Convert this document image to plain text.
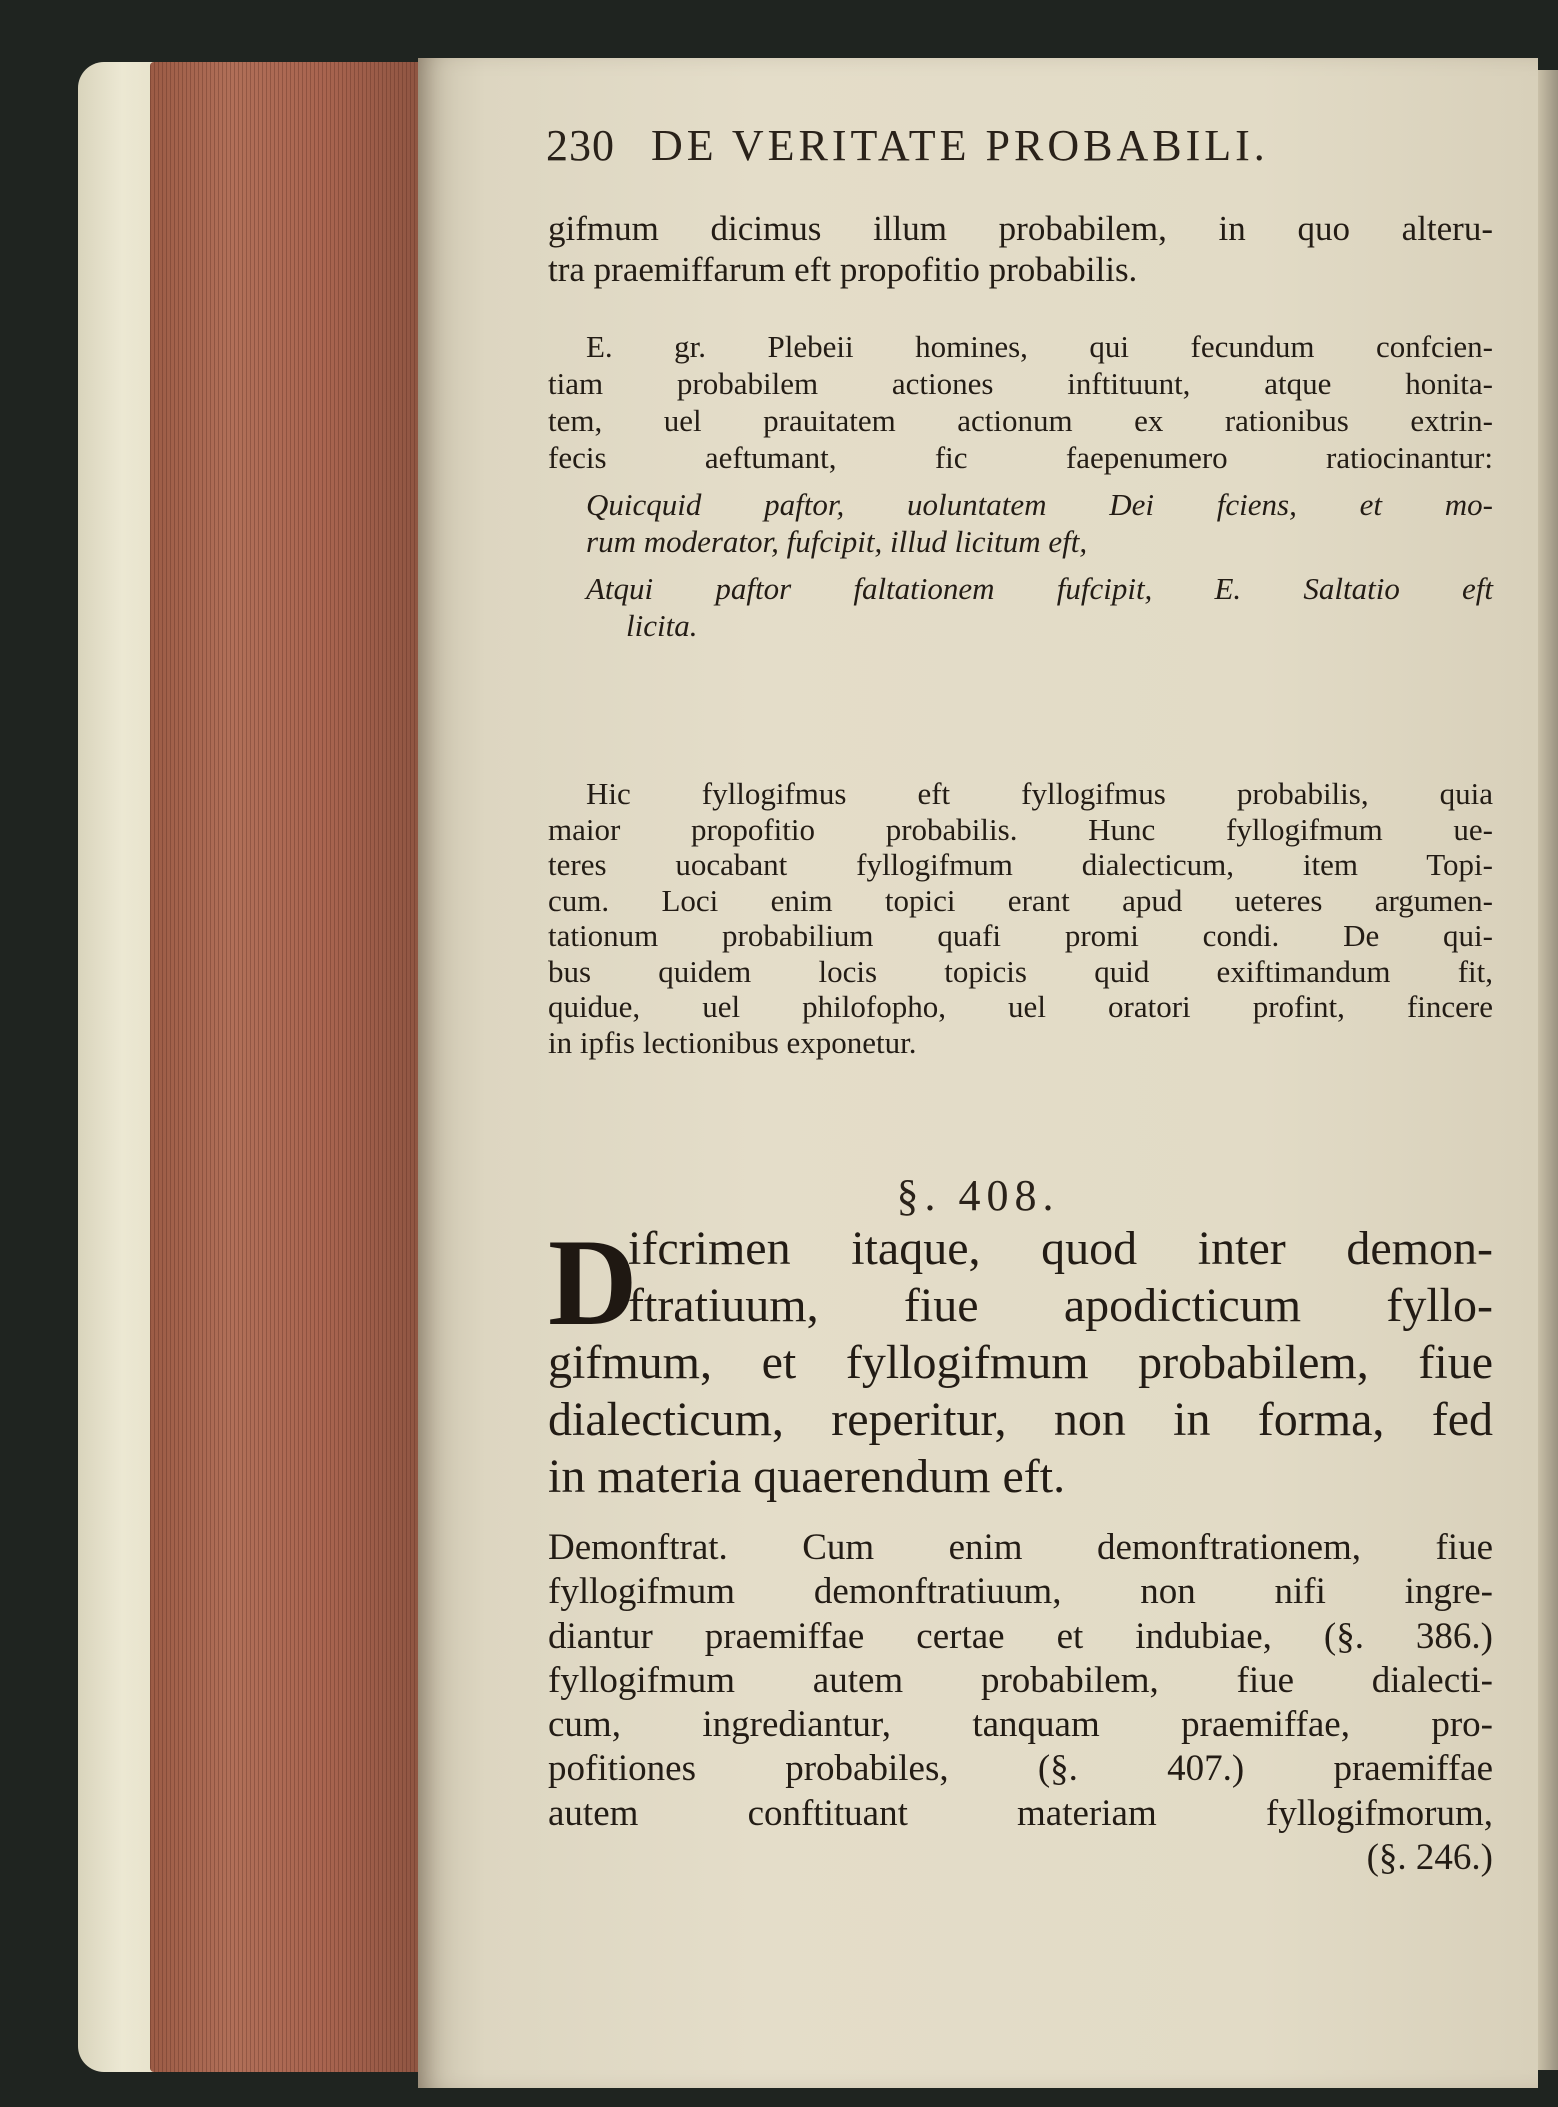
230 DE VERITATE PROBABILI.
gifmum dicimus illum probabilem, in quo alteru-
tra praemiffarum eft propofitio probabilis.
E. gr. Plebeii homines, qui fecundum confcien-
tiam probabilem actiones inftituunt, atque honita-
tem, uel prauitatem actionum ex rationibus extrin-
fecis aeftumant, fic faepenumero ratiocinantur:
Quicquid paftor, uoluntatem Dei fciens, et mo-
rum moderator, fufcipit, illud licitum eft,
Atqui paftor faltationem fufcipit, E. Saltatio eft
licita.
Hic fyllogifmus eft fyllogifmus probabilis, quia
maior propofitio probabilis. Hunc fyllogifmum ue-
teres uocabant fyllogifmum dialecticum, item Topi-
cum. Loci enim topici erant apud ueteres argumen-
tationum probabilium quafi promi condi. De qui-
bus quidem locis topicis quid exiftimandum fit,
quidue, uel philofopho, uel oratori profint, fincere
in ipfis lectionibus exponetur.
§. 408.
D
ifcrimen itaque, quod inter demon-
ftratiuum, fiue apodicticum fyllo-
gifmum, et fyllogifmum probabilem, fiue
dialecticum, reperitur, non in forma, fed
in materia quaerendum eft.
Demonftrat. Cum enim demonftrationem, fiue
fyllogifmum demonftratiuum, non nifi ingre-
diantur praemiffae certae et indubiae, (§. 386.)
fyllogifmum autem probabilem, fiue dialecti-
cum, ingrediantur, tanquam praemiffae, pro-
pofitiones probabiles, (§. 407.) praemiffae
autem conftituant materiam fyllogifmorum,
(§. 246.)
